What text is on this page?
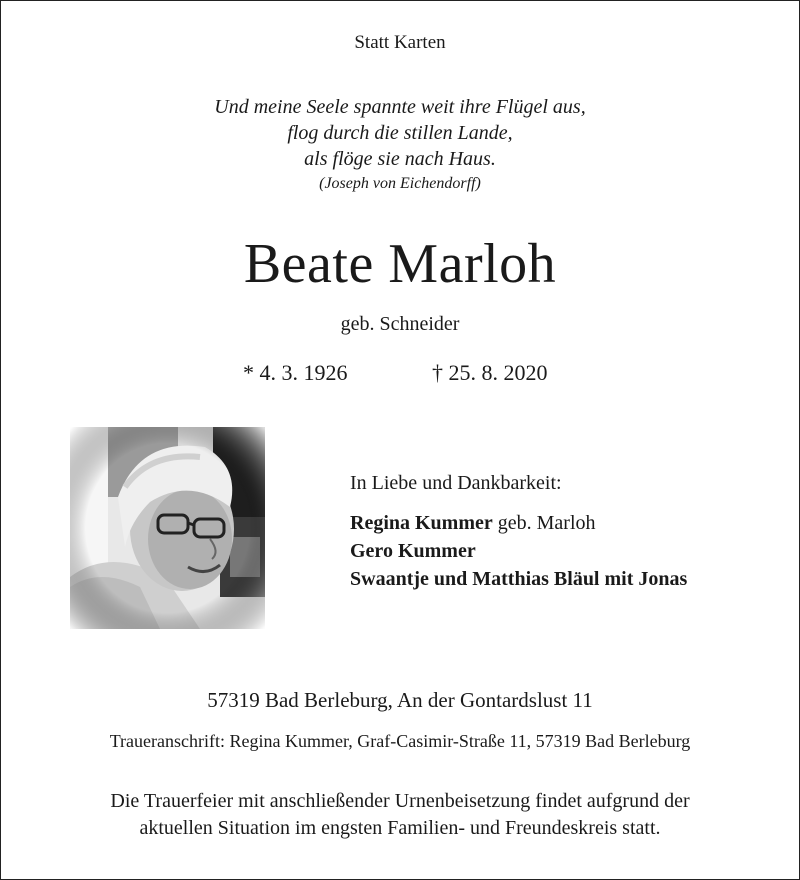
Statt Karten
Und meine Seele spannte weit ihre Flügel aus,
flog durch die stillen Lande,
als flöge sie nach Haus.
(Joseph von Eichendorff)
Beate Marloh
geb. Schneider
* 4. 3. 1926	† 25. 8. 2020
In Liebe und Dankbarkeit:
Regina Kummer geb. Marloh
Gero Kummer
Swaantje und Matthias Bläul mit Jonas
57319 Bad Berleburg, An der Gontardslust 11
Traueranschrift: Regina Kummer, Graf-Casimir-Straße 11, 57319 Bad Berleburg
Die Trauerfeier mit anschließender Urnenbeisetzung findet aufgrund der
aktuellen Situation im engsten Familien- und Freundeskreis statt.
